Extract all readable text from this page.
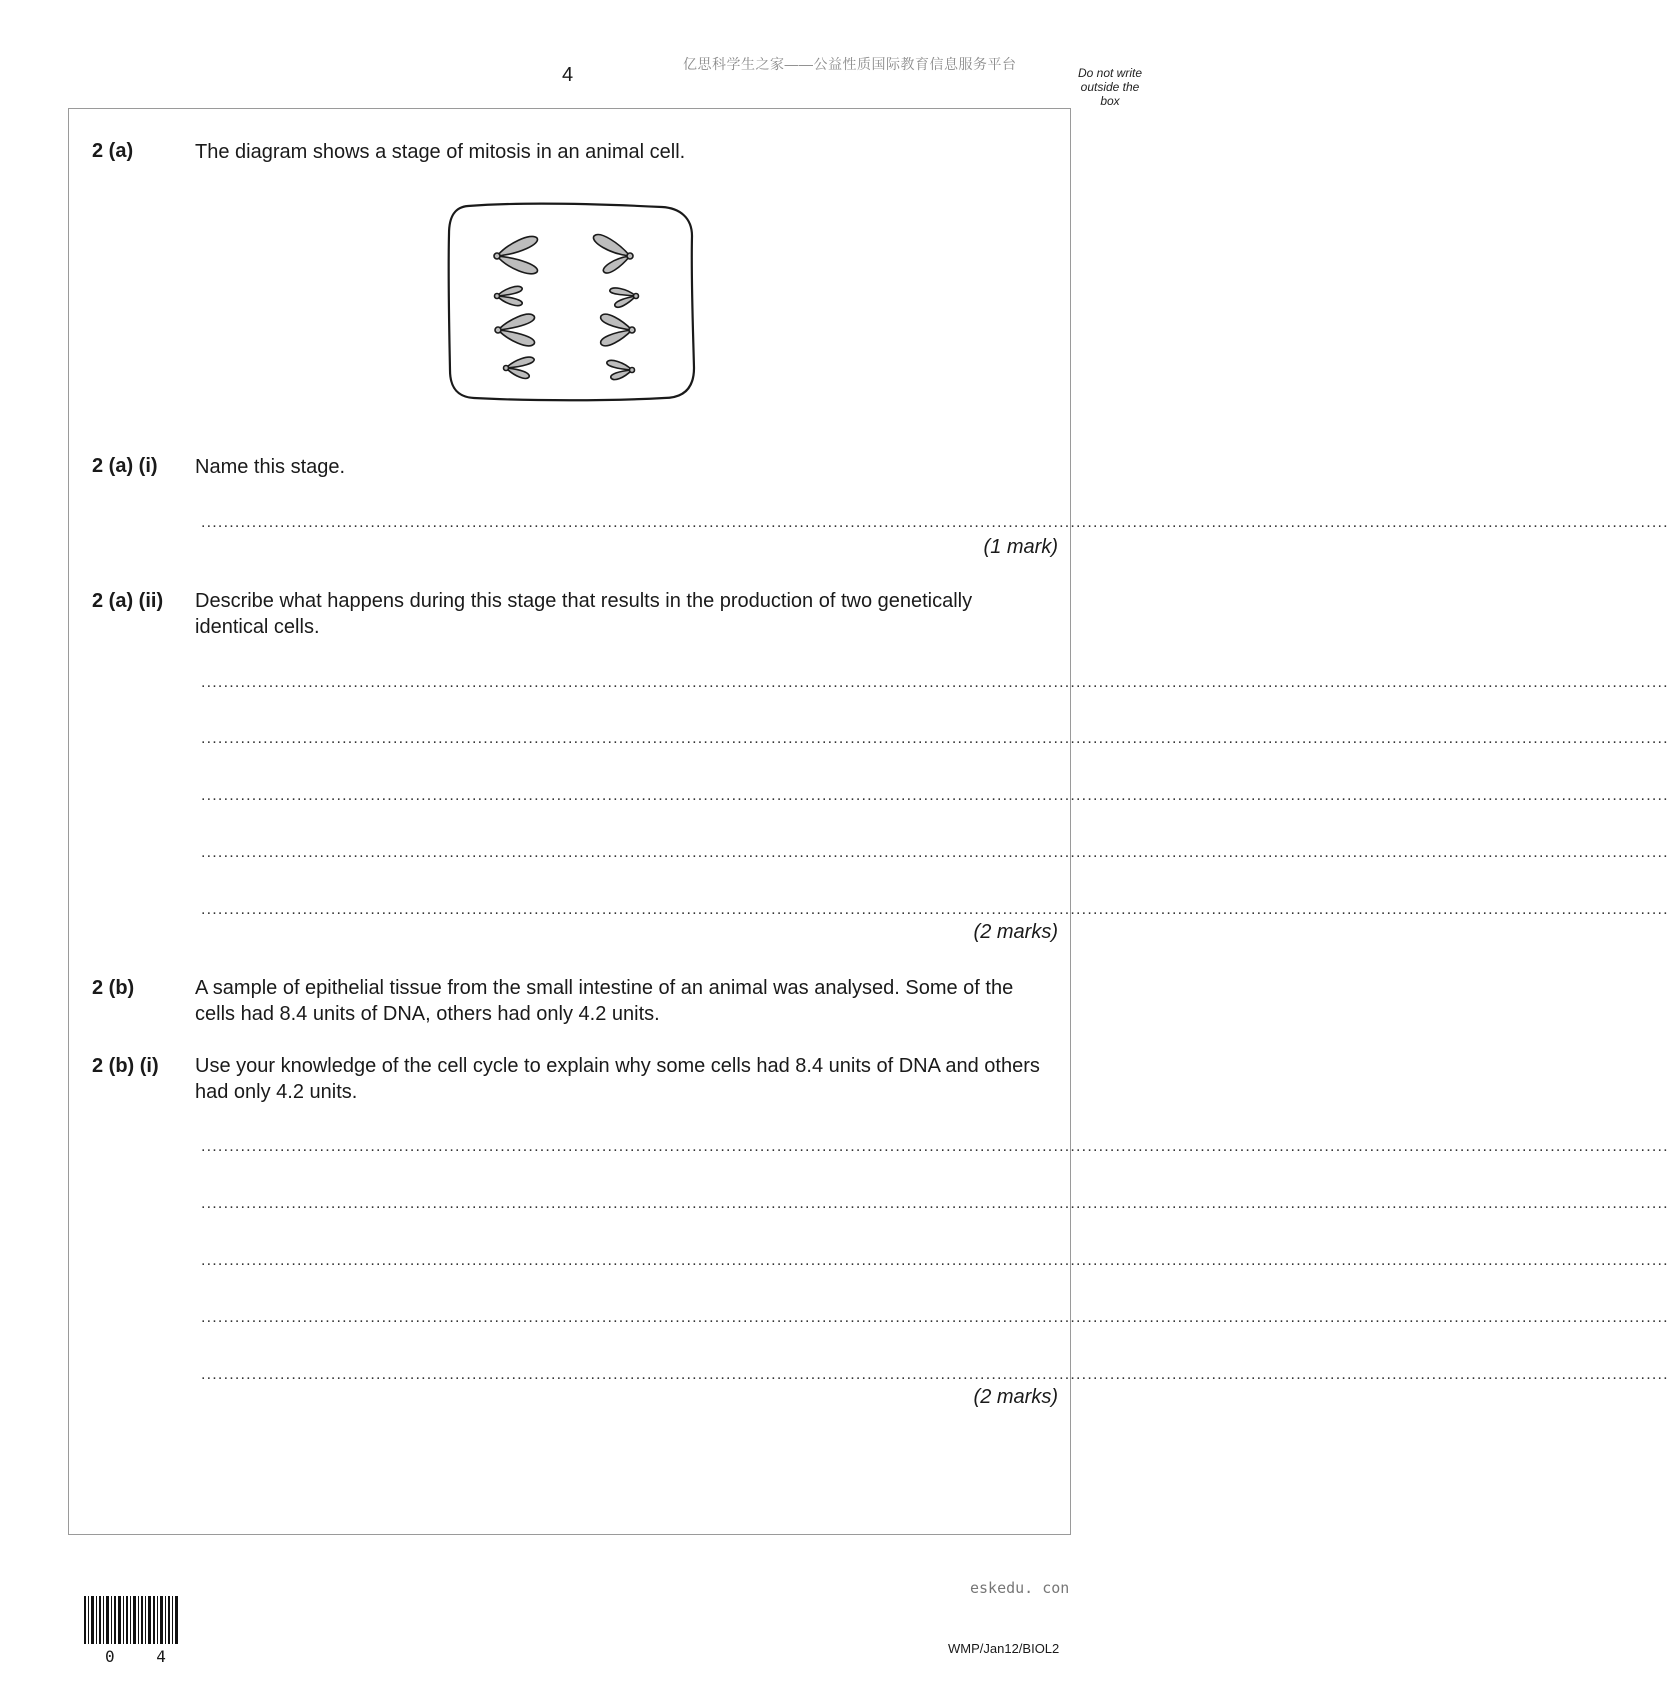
4	亿思科学生之家——公益性质国际教育信息服务平台
Do not write
outside the
box
2 (a)	The diagram shows a stage of mitosis in an animal cell.
2 (a) (i) Name this stage.
....................................................................................................................................................................................................................................................................
(1 mark)
2 (a) (ii) Describe what happens during this stage that results in the production of two genetically identical cells.
....................................................................................................................................................................................................................................................................
....................................................................................................................................................................................................................................................................
....................................................................................................................................................................................................................................................................
....................................................................................................................................................................................................................................................................
....................................................................................................................................................................................................................................................................
(2 marks)
2 (b)	A sample of epithelial tissue from the small intestine of an animal was analysed. Some of the cells had 8.4 units of DNA, others had only 4.2 units.
2 (b) (i) Use your knowledge of the cell cycle to explain why some cells had 8.4 units of DNA and others had only 4.2 units.
....................................................................................................................................................................................................................................................................
....................................................................................................................................................................................................................................................................
....................................................................................................................................................................................................................................................................
....................................................................................................................................................................................................................................................................
....................................................................................................................................................................................................................................................................
(2 marks)
eskedu. con
0 4	WMP/Jan12/BIOL2
